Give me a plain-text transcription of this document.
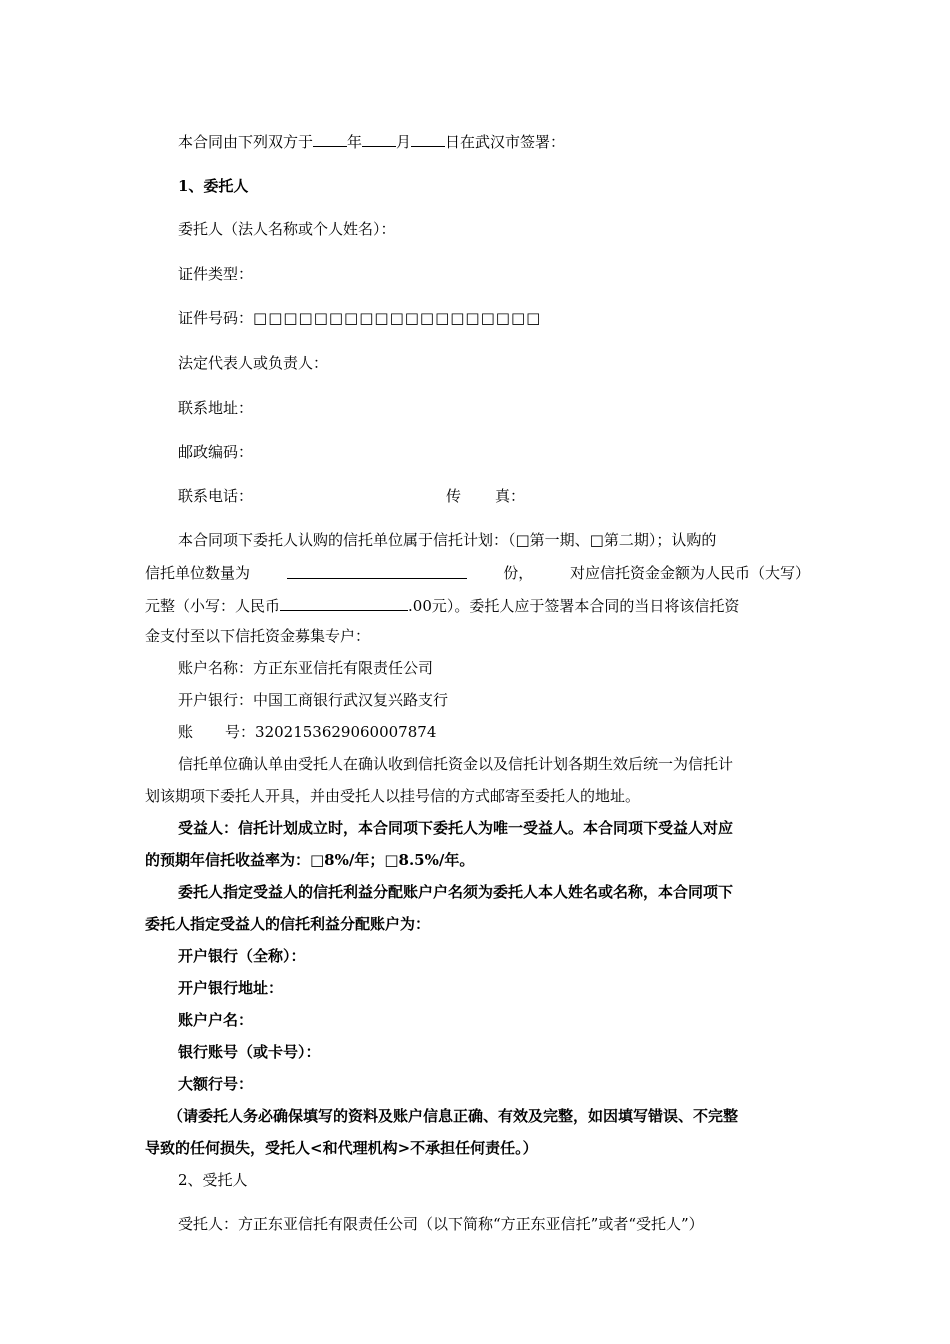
本合同由下列双方于 年 月 日在武汉市签署：
1、委托人
委托人（法人名称或个人姓名）：
证件类型：
证件号码：□□□□□□□□□□□□□□□□□□□
法定代表人或负责人：
联系地址：
邮政编码：
联系电话：	传 真：
本合同项下委托人认购的信托单位属于信托计划：（□第一期、□第二期）；认购的
信托单位数量为	份， 对应信托资金金额为人民币（大写）
元整（小写：人民币	.00元）。委托人应于签署本合同的当日将该信托资
金支付至以下信托资金募集专户：
账户名称：方正东亚信托有限责任公司
开户银行：中国工商银行武汉复兴路支行
账 号：3202153629060007874
信托单位确认单由受托人在确认收到信托资金以及信托计划各期生效后统一为信托计
划该期项下委托人开具，并由受托人以挂号信的方式邮寄至委托人的地址。
受益人：信托计划成立时，本合同项下委托人为唯一受益人。本合同项下受益人对应
的预期年信托收益率为：□8%/年；□8.5%/年。
委托人指定受益人的信托利益分配账户户名须为委托人本人姓名或名称，本合同项下
委托人指定受益人的信托利益分配账户为：
开户银行（全称）：
开户银行地址：
账户户名：
银行账号（或卡号）：
大额行号：
（请委托人务必确保填写的资料及账户信息正确、有效及完整，如因填写错误、不完整
导致的任何损失，受托人<和代理机构>不承担任何责任。）
2、受托人
受托人：方正东亚信托有限责任公司（以下简称“方正东亚信托”或者“受托人”）
